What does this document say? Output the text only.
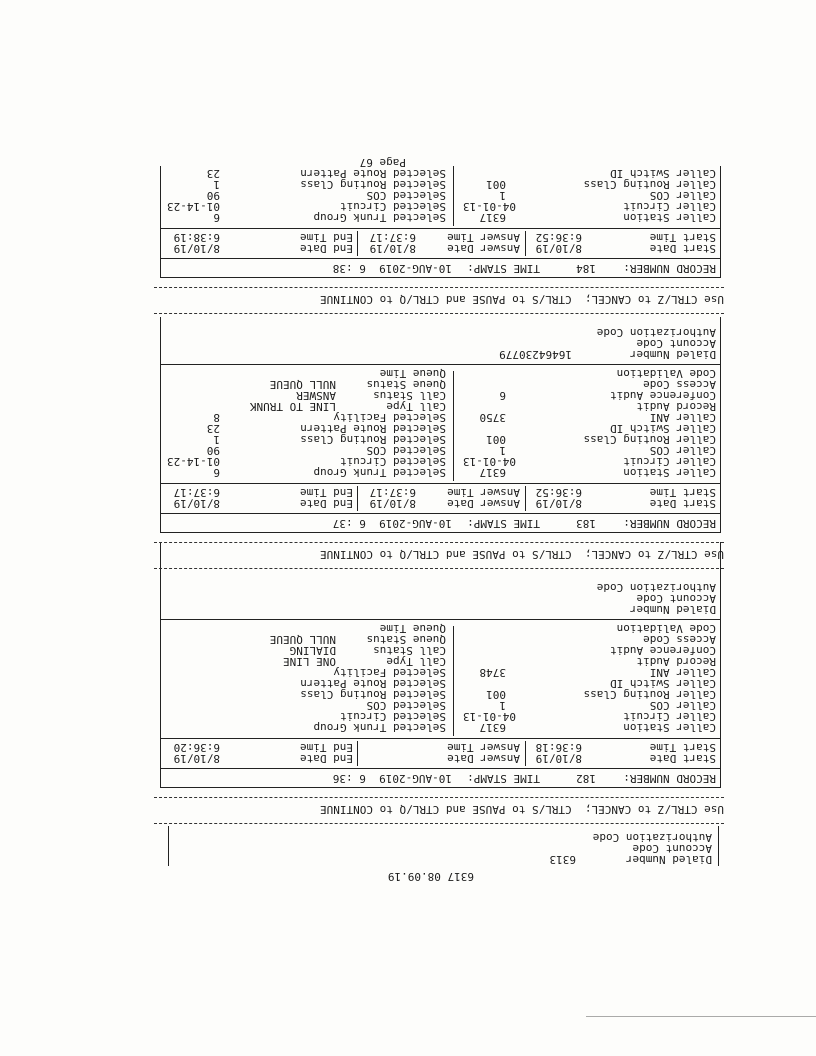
6317 08.09.19
Dialed Number
6313
Account Code
Authorization Code
Use CTRL/Z to CANCEL;  CTRL/S to PAUSE and CTRL/Q to CONTINUE
RECORD NUMBER:
182
TIME STAMP:
10-AUG-2019  6 :36
Start Date
8/10/19
Start Time
6:36:18
Answer Date
Answer Time
End Date
8/10/19
End Time
6:36:20
Caller Station
6317
Caller Circuit
04-01-13
Caller COS
1
Caller Routing Class
001
Caller Switch ID
Caller ANI
3748
Record Audit
Conference Audit
Access Code
Code Validation
Selected Trunk Group
Selected Circuit
Selected COS
Selected Routing Class
Selected Route Pattern
Selected Facility
Call Type
ONE LINE
Call Status
DIALING
Queue Status
NULL QUEUE
Queue Time
Dialed Number
Account Code
Authorization Code
Use CTRL/Z to CANCEL;  CTRL/S to PAUSE and CTRL/Q to CONTINUE
RECORD NUMBER:
183
TIME STAMP:
10-AUG-2019  6 :37
Start Date
8/10/19
Start Time
6:36:52
Answer Date
8/10/19
Answer Time
6:37:17
End Date
8/10/19
End Time
6:37:17
Caller Station
6317
Caller Circuit
04-01-13
Caller COS
1
Caller Routing Class
001
Caller Switch ID
Caller ANI
3750
Record Audit
Conference Audit
6
Access Code
Code Validation
Selected Trunk Group
6
Selected Circuit
01-14-23
Selected COS
90
Selected Routing Class
1
Selected Route Pattern
23
Selected Facility
8
Call Type
LINE TO TRUNK
Call Status
ANSWER
Queue Status
NULL QUEUE
Queue Time
Dialed Number
16464230779
Account Code
Authorization Code
Use CTRL/Z to CANCEL;  CTRL/S to PAUSE and CTRL/Q to CONTINUE
RECORD NUMBER:
184
TIME STAMP:
10-AUG-2019  6 :38
Start Date
8/10/19
Start Time
6:36:52
Answer Date
8/10/19
Answer Time
6:37:17
End Date
8/10/19
End Time
6:38:19
Caller Station
6317
Caller Circuit
04-01-13
Caller COS
1
Caller Routing Class
001
Caller Switch ID
Selected Trunk Group
6
Selected Circuit
01-14-23
Selected COS
90
Selected Routing Class
1
Selected Route Pattern
23
Page 67
